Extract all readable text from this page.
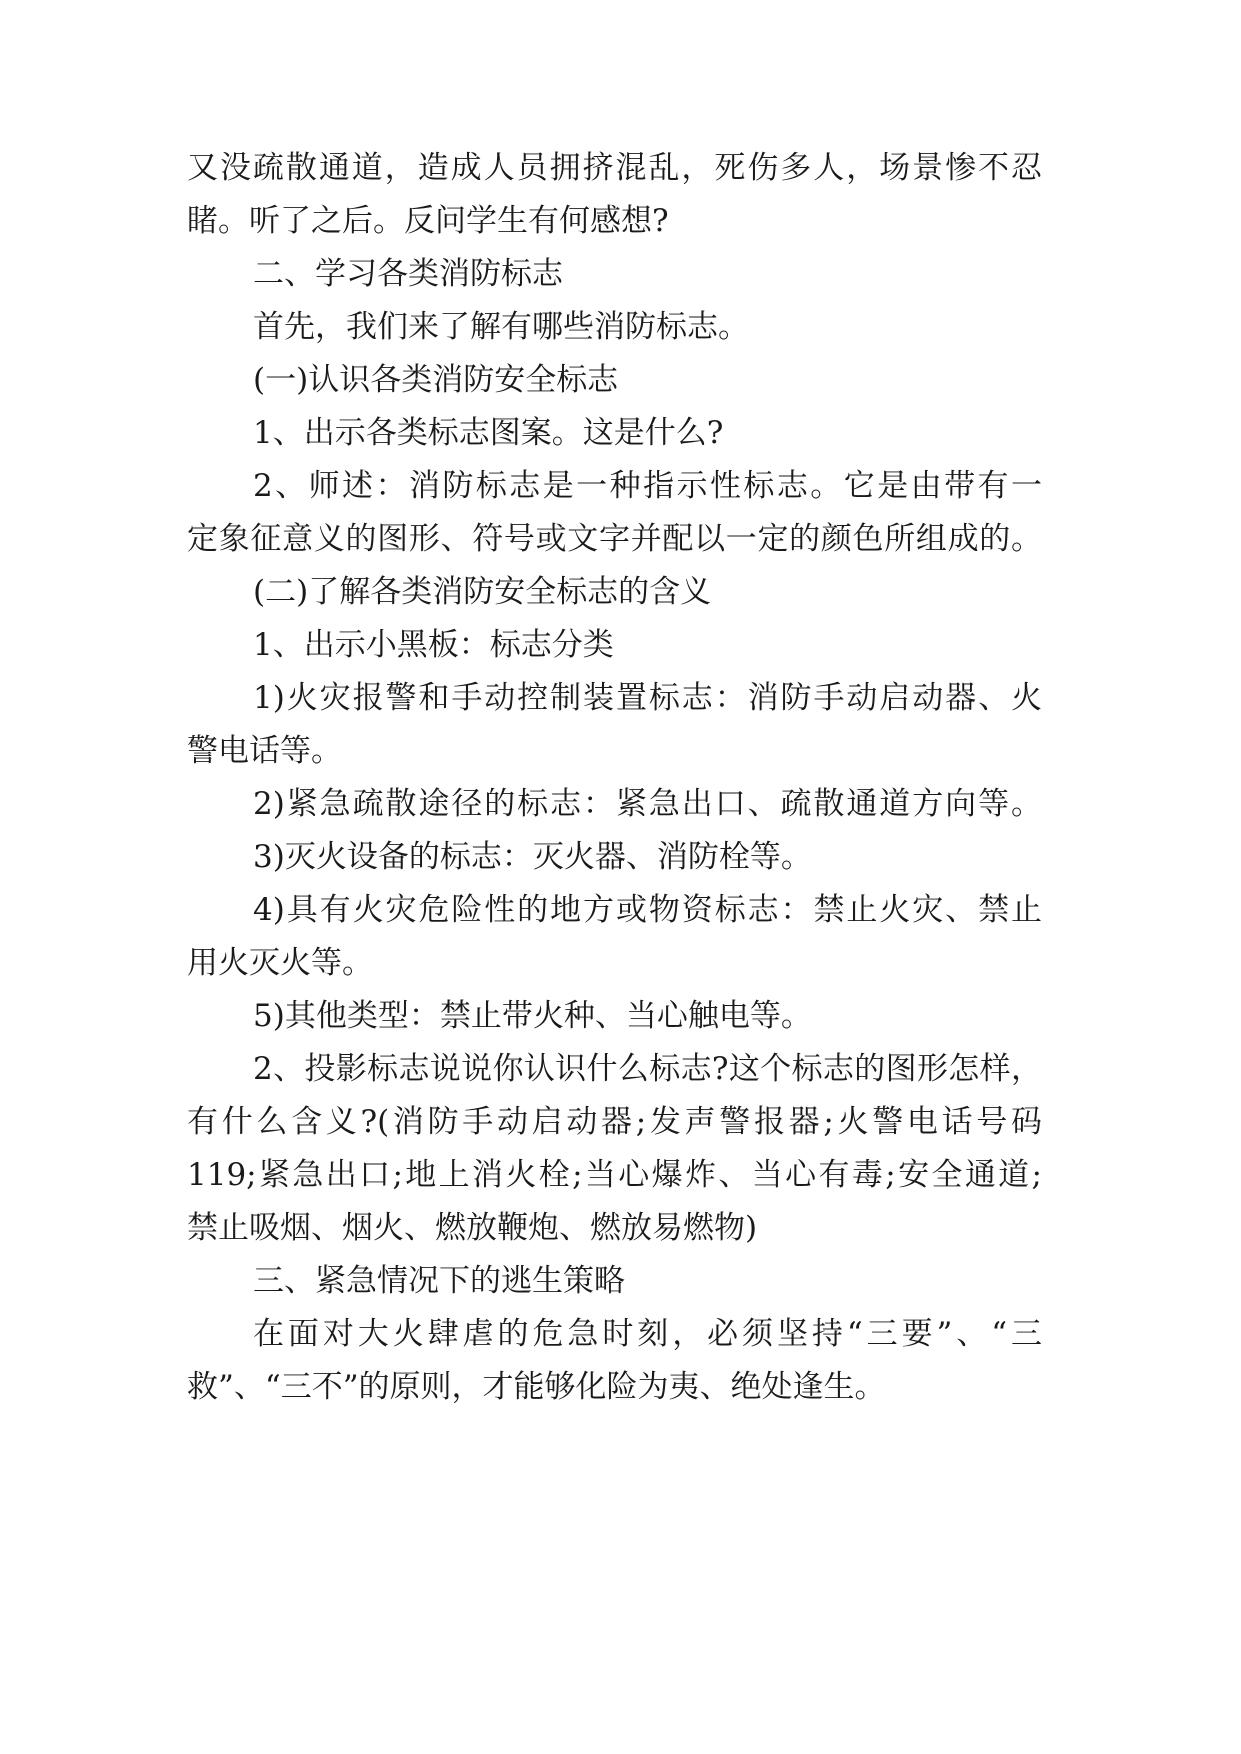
又没疏散通道，造成人员拥挤混乱，死伤多人，场景惨不忍
睹。听了之后。反问学生有何感想?
二、学习各类消防标志
首先，我们来了解有哪些消防标志。
(一)认识各类消防安全标志
1、出示各类标志图案。这是什么?
2、师述：消防标志是一种指示性标志。它是由带有一
定象征意义的图形、符号或文字并配以一定的颜色所组成的。
(二)了解各类消防安全标志的含义
1、出示小黑板：标志分类
1)火灾报警和手动控制装置标志：消防手动启动器、火
警电话等。
2)紧急疏散途径的标志：紧急出口、疏散通道方向等。
3)灭火设备的标志：灭火器、消防栓等。
4)具有火灾危险性的地方或物资标志：禁止火灾、禁止
用火灭火等。
5)其他类型：禁止带火种、当心触电等。
2、投影标志说说你认识什么标志?这个标志的图形怎样，
有什么含义?(消防手动启动器;发声警报器;火警电话号码
119;紧急出口;地上消火栓;当心爆炸、当心有毒;安全通道;
禁止吸烟、烟火、燃放鞭炮、燃放易燃物)
三、紧急情况下的逃生策略
在面对大火肆虐的危急时刻，必须坚持“三要”、“三
救”、“三不”的原则，才能够化险为夷、绝处逢生。
